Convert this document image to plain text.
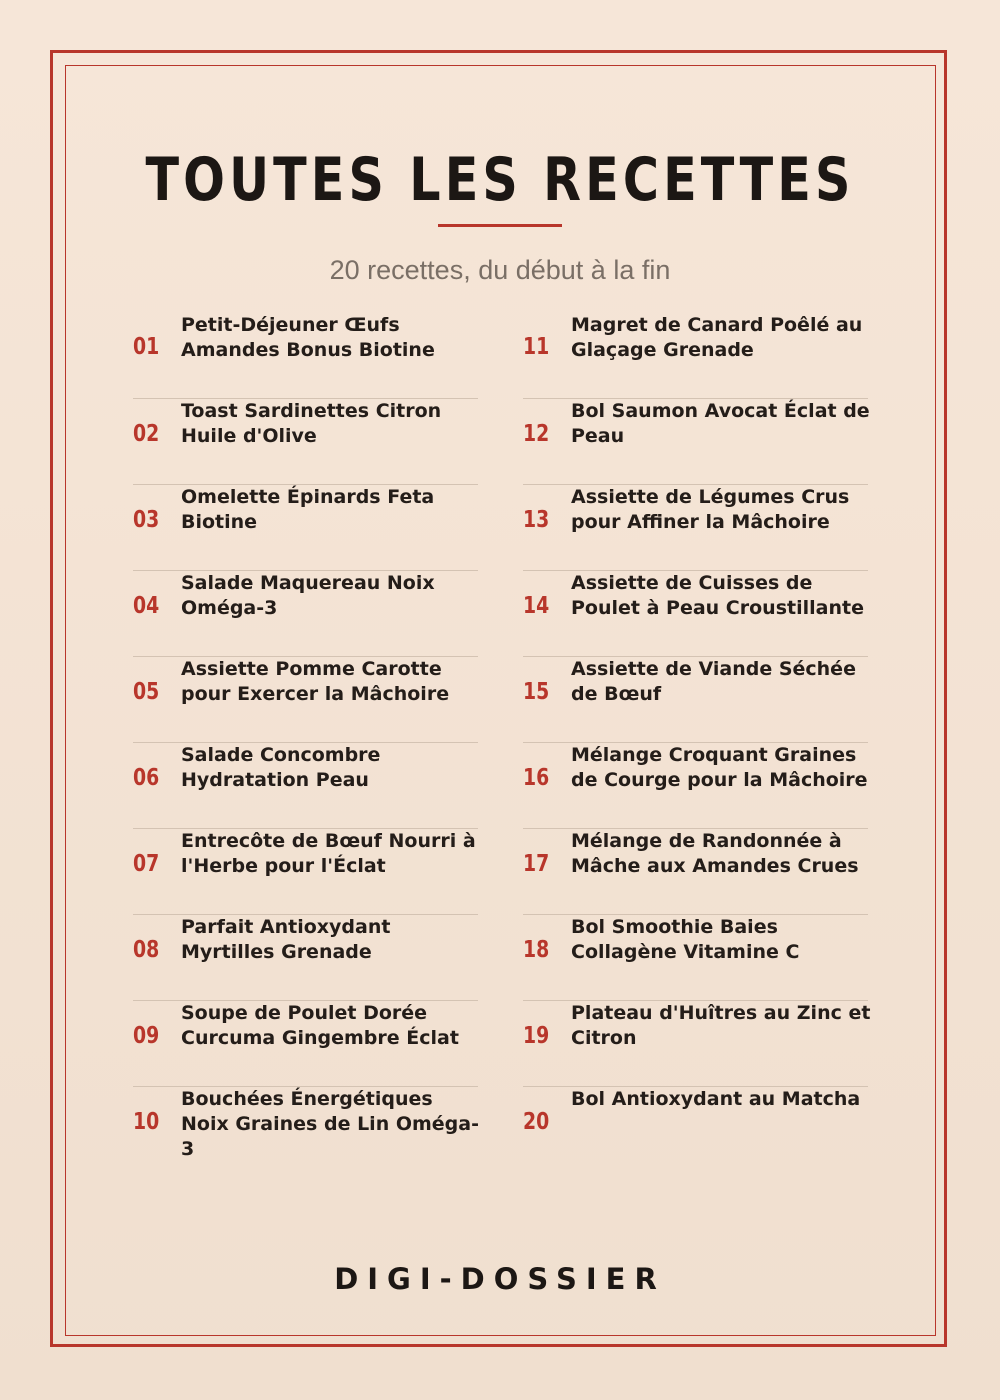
TOUTES LES RECETTES
20 recettes, du début à la fin
01
Petit-Déjeuner Œufs Amandes Bonus Biotine
02
Toast Sardinettes Citron Huile d'Olive
03
Omelette Épinards Feta Biotine
04
Salade Maquereau Noix Oméga-3
05
Assiette Pomme Carotte pour Exercer la Mâchoire
06
Salade Concombre Hydratation Peau
07
Entrecôte de Bœuf Nourri à l'Herbe pour l'Éclat
08
Parfait Antioxydant Myrtilles Grenade
09
Soupe de Poulet Dorée Curcuma Gingembre Éclat
10
Bouchées Énergétiques Noix Graines de Lin Oméga-3
11
Magret de Canard Poêlé au Glaçage Grenade
12
Bol Saumon Avocat Éclat de Peau
13
Assiette de Légumes Crus pour Affiner la Mâchoire
14
Assiette de Cuisses de Poulet à Peau Croustillante
15
Assiette de Viande Séchée de Bœuf
16
Mélange Croquant Graines de Courge pour la Mâchoire
17
Mélange de Randonnée à Mâche aux Amandes Crues
18
Bol Smoothie Baies Collagène Vitamine C
19
Plateau d'Huîtres au Zinc et Citron
20
Bol Antioxydant au Matcha
DIGI-DOSSIER
